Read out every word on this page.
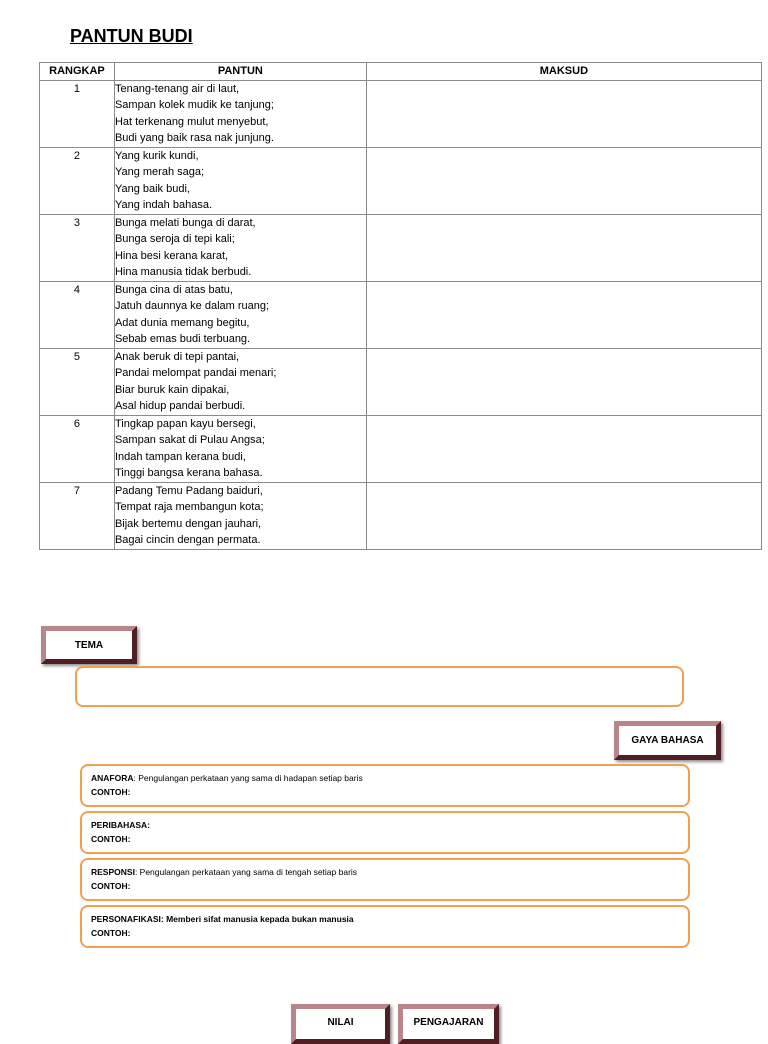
PANTUN BUDI
RANGKAP	PANTUN	MAKSUD
1	Tenang-tenang air di laut,
Sampan kolek mudik ke tanjung;
Hat terkenang mulut menyebut,
Budi yang baik rasa nak junjung.	

2	Yang kurik kundi,
Yang merah saga;
Yang baik budi,
Yang indah bahasa.	

3	Bunga melati bunga di darat,
Bunga seroja di tepi kali;
Hina besi kerana karat,
Hina manusia tidak berbudi.	

4	Bunga cina di atas batu,
Jatuh daunnya ke dalam ruang;
Adat dunia memang begitu,
Sebab emas budi terbuang.	

5	Anak beruk di tepi pantai,
Pandai melompat pandai menari;
Biar buruk kain dipakai,
Asal hidup pandai berbudi.	

6	Tingkap papan kayu bersegi,
Sampan sakat di Pulau Angsa;
Indah tampan kerana budi,
Tinggi bangsa kerana bahasa.	

7	Padang Temu Padang baiduri,
Tempat raja membangun kota;
Bijak bertemu dengan jauhari,
Bagai cincin dengan permata.	

TEMA
GAYA BAHASA
ANAFORA: Pengulangan perkataan yang sama di hadapan setiap baris
CONTOH:
PERIBAHASA:
CONTOH:
RESPONSI: Pengulangan perkataan yang sama di tengah setiap baris
CONTOH:
PERSONAFIKASI: Memberi sifat manusia kepada bukan manusia
CONTOH:
NILAI	PENGAJARAN
